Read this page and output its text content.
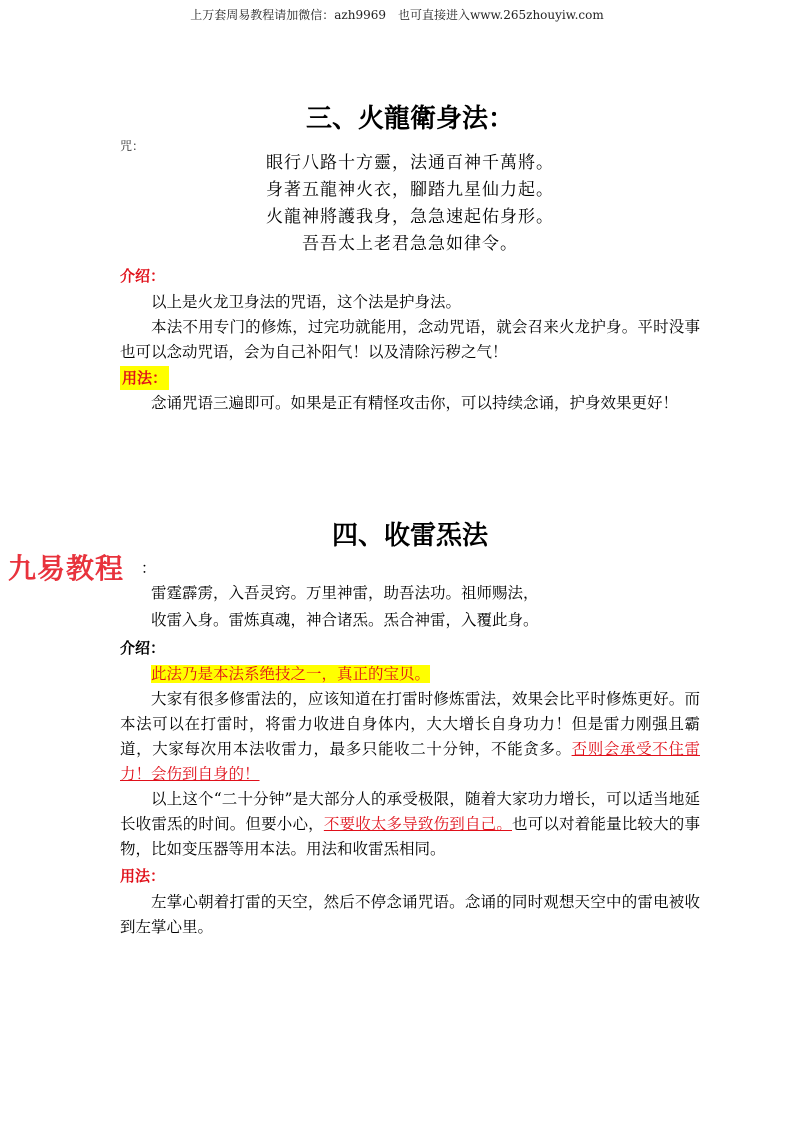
上万套周易教程请加微信：azh9969　也可直接进入www.265zhouyiw.com
三、火龍衛身法：

咒：

眼行八路十方靈，法通百神千萬將。

身著五龍神火衣，腳踏九星仙力起。

火龍神將護我身，急急速起佑身形。

吾吾太上老君急急如律令。

介绍：

以上是火龙卫身法的咒语，这个法是护身法。

本法不用专门的修炼，过完功就能用，念动咒语，就会召来火龙护身。平时没事也可以念动咒语，会为自己补阳气！以及清除污秽之气！

用法：

念诵咒语三遍即可。如果是正有精怪攻击你，可以持续念诵，护身效果更好！

九易教程 ：
四、收雷炁法

雷霆霹雳，入吾灵窍。万里神雷，助吾法功。祖师赐法，

收雷入身。雷炼真魂，神合诸炁。炁合神雷，入覆此身。

介绍：

此法乃是本法系绝技之一，真正的宝贝。

大家有很多修雷法的，应该知道在打雷时修炼雷法，效果会比平时修炼更好。而本法可以在打雷时，将雷力收进自身体内，大大增长自身功力！但是雷力刚强且霸道，大家每次用本法收雷力，最多只能收二十分钟，不能贪多。否则会承受不住雷力！会伤到自身的！

以上这个“二十分钟”是大部分人的承受极限，随着大家功力增长，可以适当地延长收雷炁的时间。但要小心，不要收太多导致伤到自己。也可以对着能量比较大的事物，比如变压器等用本法。用法和收雷炁相同。

用法：

左掌心朝着打雷的天空，然后不停念诵咒语。念诵的同时观想天空中的雷电被收到左掌心里。
